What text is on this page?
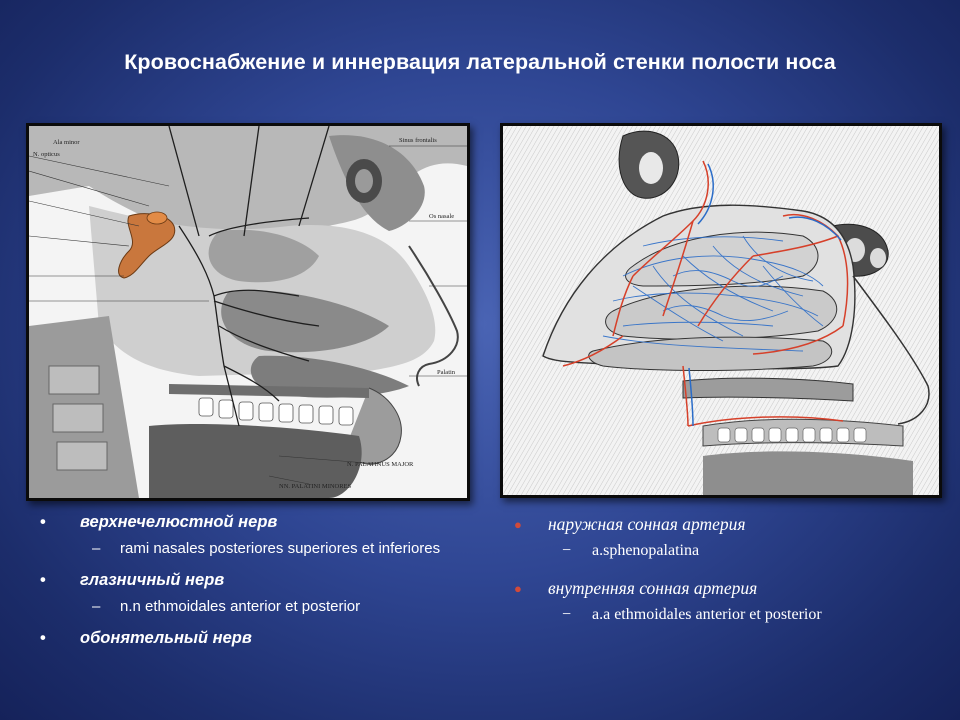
Кровоснабжение и иннервация латеральной стенки полости носа
Ala minor
N. opticus
Sinus frontalis
Os nasale
Palatin
N. PALATINUS MAJOR
NN. PALATINI MINORES
• верхнечелюстной нерв
– rami nasales posteriores superiores et inferiores
• глазничный нерв
– n.n ethmoidales anterior et posterior
• обонятельный нерв
● наружная сонная артерия
− a.sphenopalatina
● внутренняя сонная артерия
− a.a ethmoidales anterior et posterior
